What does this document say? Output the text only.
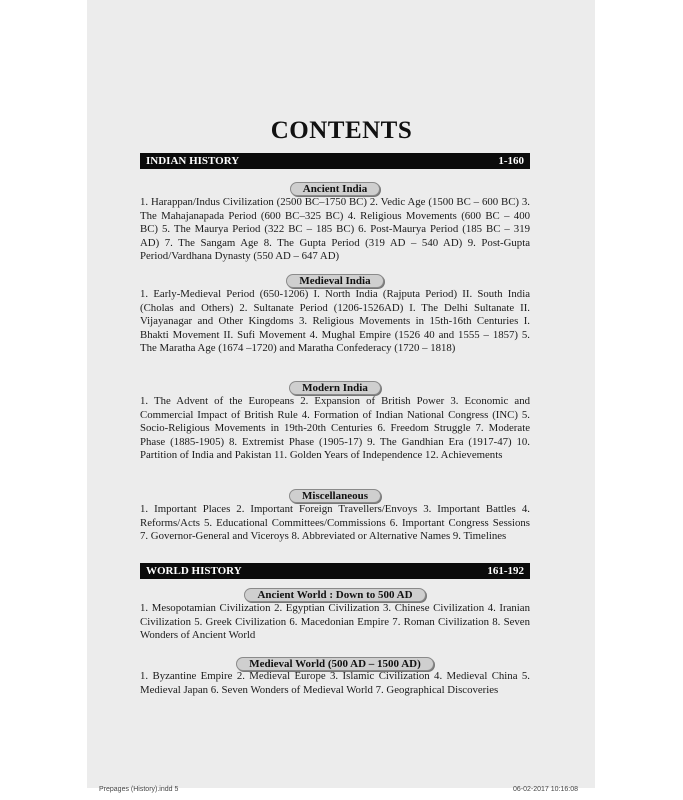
CONTENTS
INDIAN HISTORY	1-160
Ancient India
1. Harappan/Indus Civilization (2500 BC–1750 BC) 2. Vedic Age (1500 BC – 600 BC) 3. The Mahajanapada Period (600 BC–325 BC) 4. Religious Movements (600 BC – 400 BC) 5. The Maurya Period (322 BC – 185 BC) 6. Post-Maurya Period (185 BC – 319 AD) 7. The Sangam Age 8. The Gupta Period (319 AD – 540 AD) 9. Post-Gupta Period/Vardhana Dynasty (550 AD – 647 AD)
Medieval India
1. Early-Medieval Period (650-1206) I. North India (Rajputa Period) II. South India (Cholas and Others) 2. Sultanate Period (1206-1526AD) I. The Delhi Sultanate II. Vijayanagar and Other Kingdoms 3. Religious Movements in 15th-16th Centuries I. Bhakti Movement II. Sufi Movement 4. Mughal Empire (1526 40 and 1555 – 1857) 5. The Maratha Age (1674 –1720) and Maratha Confederacy (1720 – 1818)
Modern India
1. The Advent of the Europeans 2. Expansion of British Power 3. Economic and Commercial Impact of British Rule 4. Formation of Indian National Congress (INC) 5. Socio-Religious Movements in 19th-20th Centuries 6. Freedom Struggle 7. Moderate Phase (1885-1905) 8. Extremist Phase (1905-17) 9. The Gandhian Era (1917-47) 10. Partition of India and Pakistan 11. Golden Years of Independence 12. Achievements
Miscellaneous
1. Important Places 2. Important Foreign Travellers/Envoys 3. Important Battles 4. Reforms/Acts 5. Educational Committees/Commissions 6. Important Congress Sessions 7. Governor-General and Viceroys 8. Abbreviated or Alternative Names 9. Timelines
WORLD HISTORY	161-192
Ancient World : Down to 500 AD
1. Mesopotamian Civilization 2. Egyptian Civilization 3. Chinese Civilization 4. Iranian Civilization 5. Greek Civilization 6. Macedonian Empire 7. Roman Civilization 8. Seven Wonders of Ancient World
Medieval World (500 AD – 1500 AD)
1. Byzantine Empire 2. Medieval Europe 3. Islamic Civilization 4. Medieval China 5. Medieval Japan 6. Seven Wonders of Medieval World 7. Geographical Discoveries
Prepages (History).indd 5	06-02-2017 10:16:08
